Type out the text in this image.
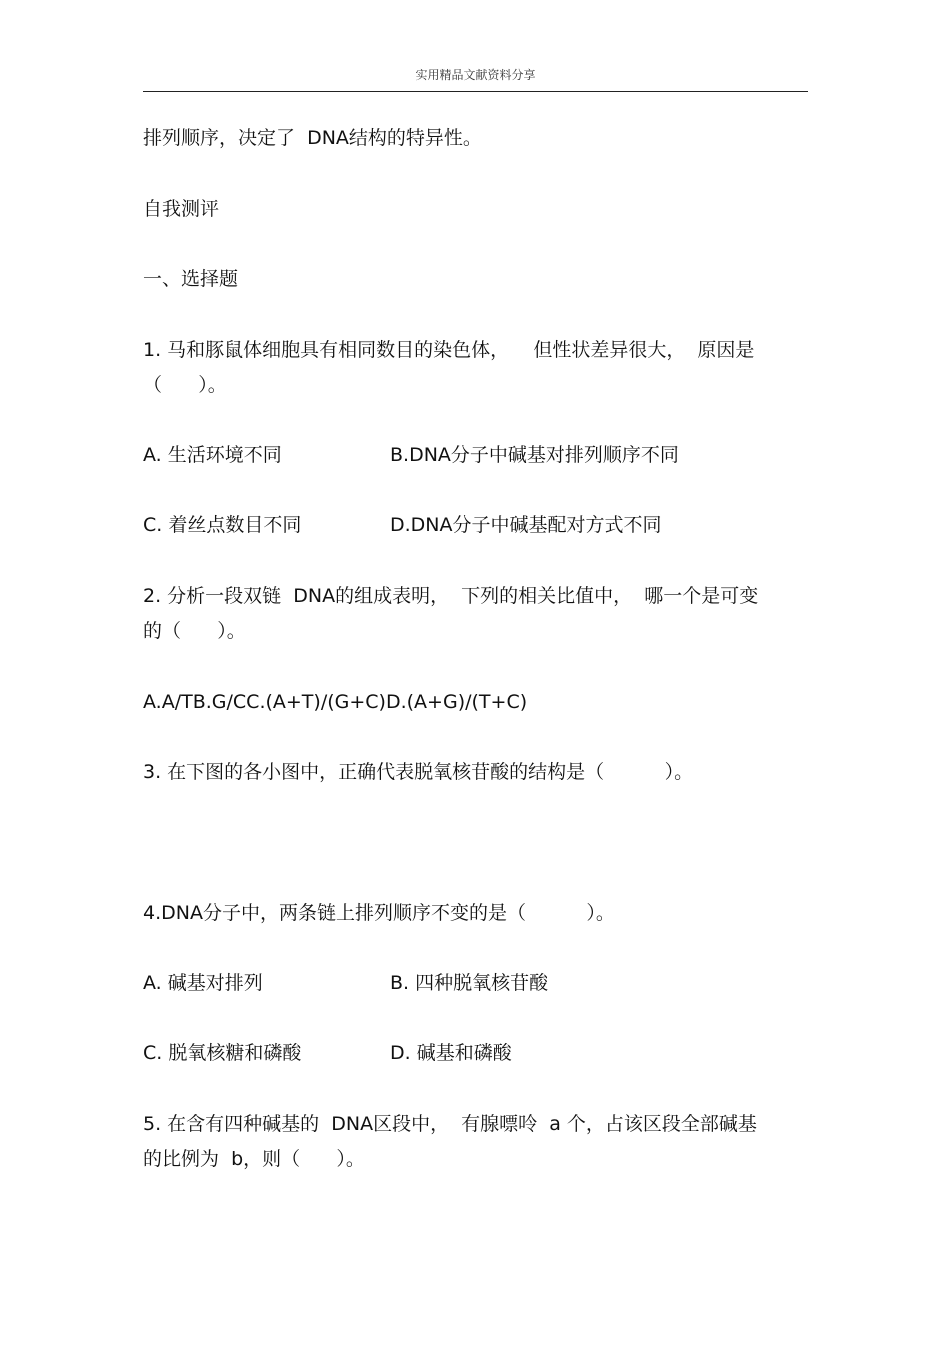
实用精品文献资料分享
排列顺序，决定了  DNA结构的特异性。
自我测评
一、选择题
1. 马和豚鼠体细胞具有相同数目的染色体，    但性状差异很大，  原因是
（      ）。
A. 生活环境不同	B.DNA分子中碱基对排列顺序不同
C. 着丝点数目不同	D.DNA分子中碱基配对方式不同
2. 分析一段双链  DNA的组成表明，  下列的相关比值中，  哪一个是可变
的（      ）。
A.A/TB.G/CC.(A+T)/(G+C)D.(A+G)/(T+C)
3. 在下图的各小图中，正确代表脱氧核苷酸的结构是（          ）。
4.DNA分子中，两条链上排列顺序不变的是（          ）。
A. 碱基对排列	B. 四种脱氧核苷酸
C. 脱氧核糖和磷酸	D. 碱基和磷酸
5. 在含有四种碱基的  DNA区段中，  有腺嘌呤  a 个，占该区段全部碱基
的比例为  b，则（      ）。
